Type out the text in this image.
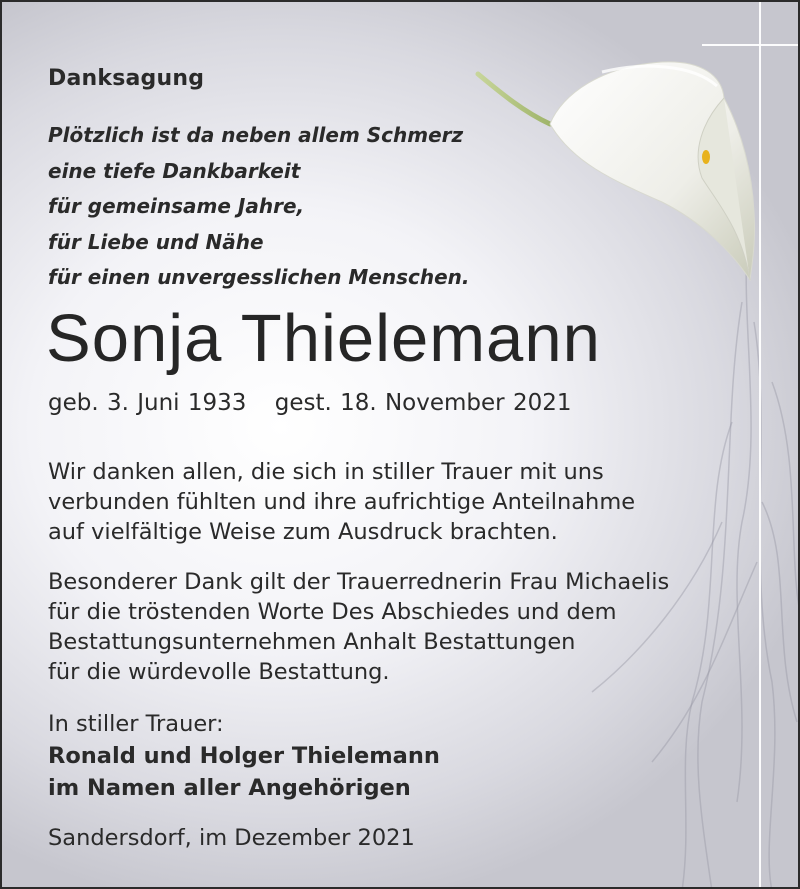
Danksagung
Plötzlich ist da neben allem Schmerz
eine tiefe Dankbarkeit
für gemeinsame Jahre,
für Liebe und Nähe
für einen unvergesslichen Menschen.
Sonja Thielemann
geb. 3. Juni 1933 gest. 18. November 2021
Wir danken allen, die sich in stiller Trauer mit uns
verbunden fühlten und ihre aufrichtige Anteilnahme
auf vielfältige Weise zum Ausdruck brachten.
Besonderer Dank gilt der Trauerrednerin Frau Michaelis
für die tröstenden Worte Des Abschiedes und dem
Bestattungsunternehmen Anhalt Bestattungen
für die würdevolle Bestattung.
In stiller Trauer:
Ronald und Holger Thielemann
im Namen aller Angehörigen
Sandersdorf, im Dezember 2021
